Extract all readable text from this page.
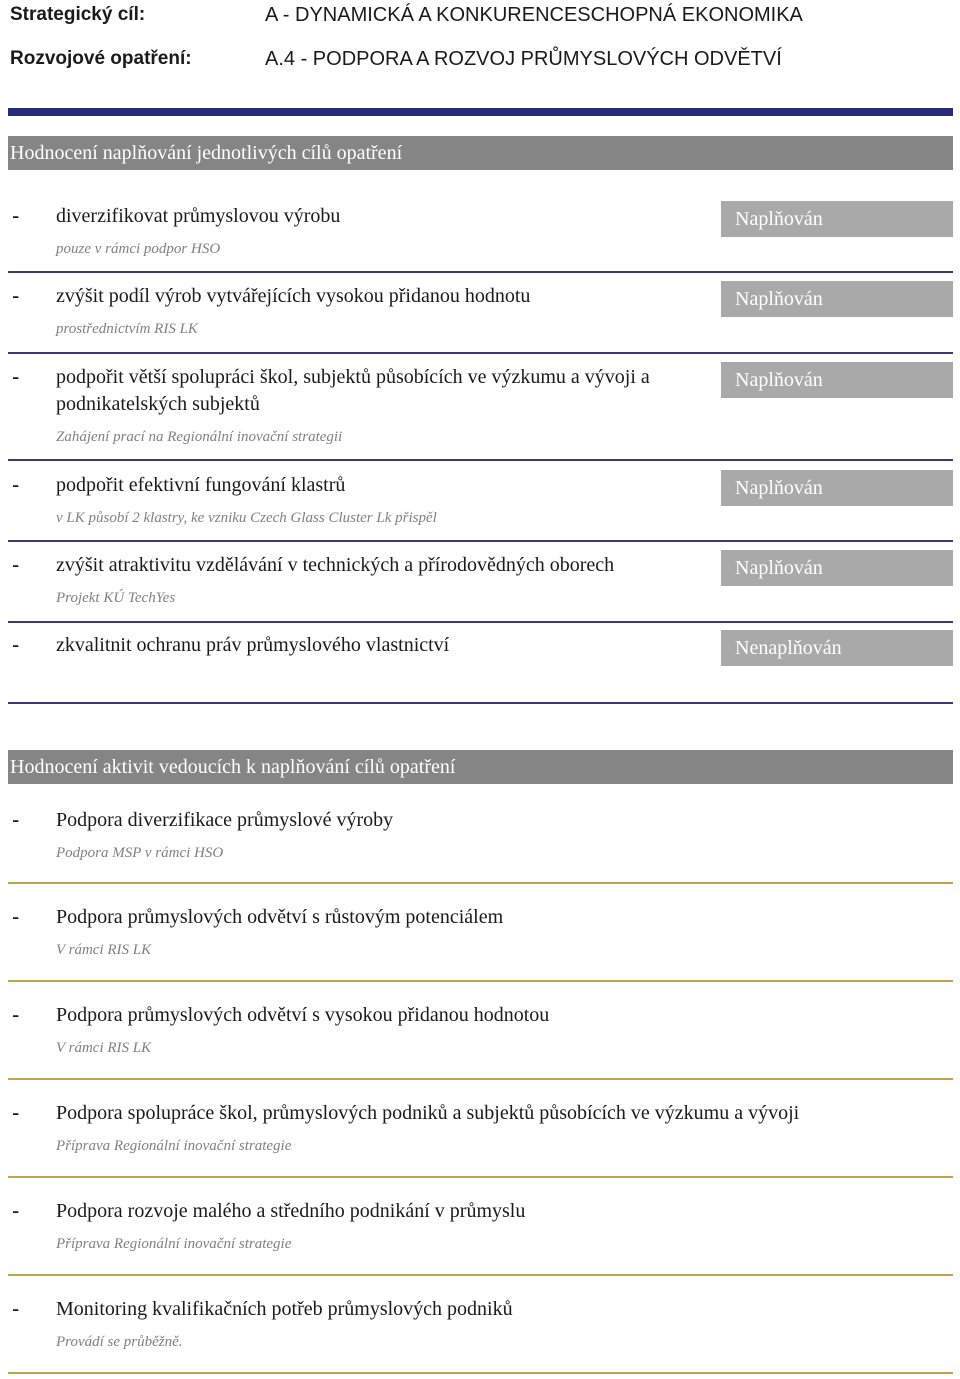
Strategický cíl:	A - DYNAMICKÁ A KONKURENCESCHOPNÁ EKONOMIKA
Rozvojové opatření:	A.4 - PODPORA A ROZVOJ PRŮMYSLOVÝCH ODVĚTVÍ
Hodnocení naplňování jednotlivých cílů opatření
- diverzifikovat průmyslovou výrobu
pouze v rámci podpor HSO
Naplňován
- zvýšit podíl výrob vytvářejících vysokou přidanou hodnotu
prostřednictvím RIS LK
Naplňován
- podpořit větší spolupráci škol, subjektů působících ve výzkumu a vývoji a podnikatelských subjektů
Zahájení prací na Regionální inovační strategii
Naplňován
- podpořit efektivní fungování klastrů
v LK působí 2 klastry, ke vzniku Czech Glass Cluster Lk přispěl
Naplňován
- zvýšit atraktivitu vzdělávání v technických a přírodovědných oborech
Projekt KÚ TechYes
Naplňován
- zkvalitnit ochranu práv průmyslového vlastnictví	Nenaplňován
Hodnocení aktivit vedoucích k naplňování cílů opatření
- Podpora diverzifikace průmyslové výroby
Podpora MSP v rámci HSO
- Podpora průmyslových odvětví s růstovým potenciálem
V rámci RIS LK
- Podpora průmyslových odvětví s vysokou přidanou hodnotou
V rámci RIS LK
- Podpora spolupráce škol, průmyslových podniků a subjektů působících ve výzkumu a vývoji
Příprava Regionální inovační strategie
- Podpora rozvoje malého a středního podnikání v průmyslu
Příprava Regionální inovační strategie
- Monitoring kvalifikačních potřeb průmyslových podniků
Provádí se průběžně.
